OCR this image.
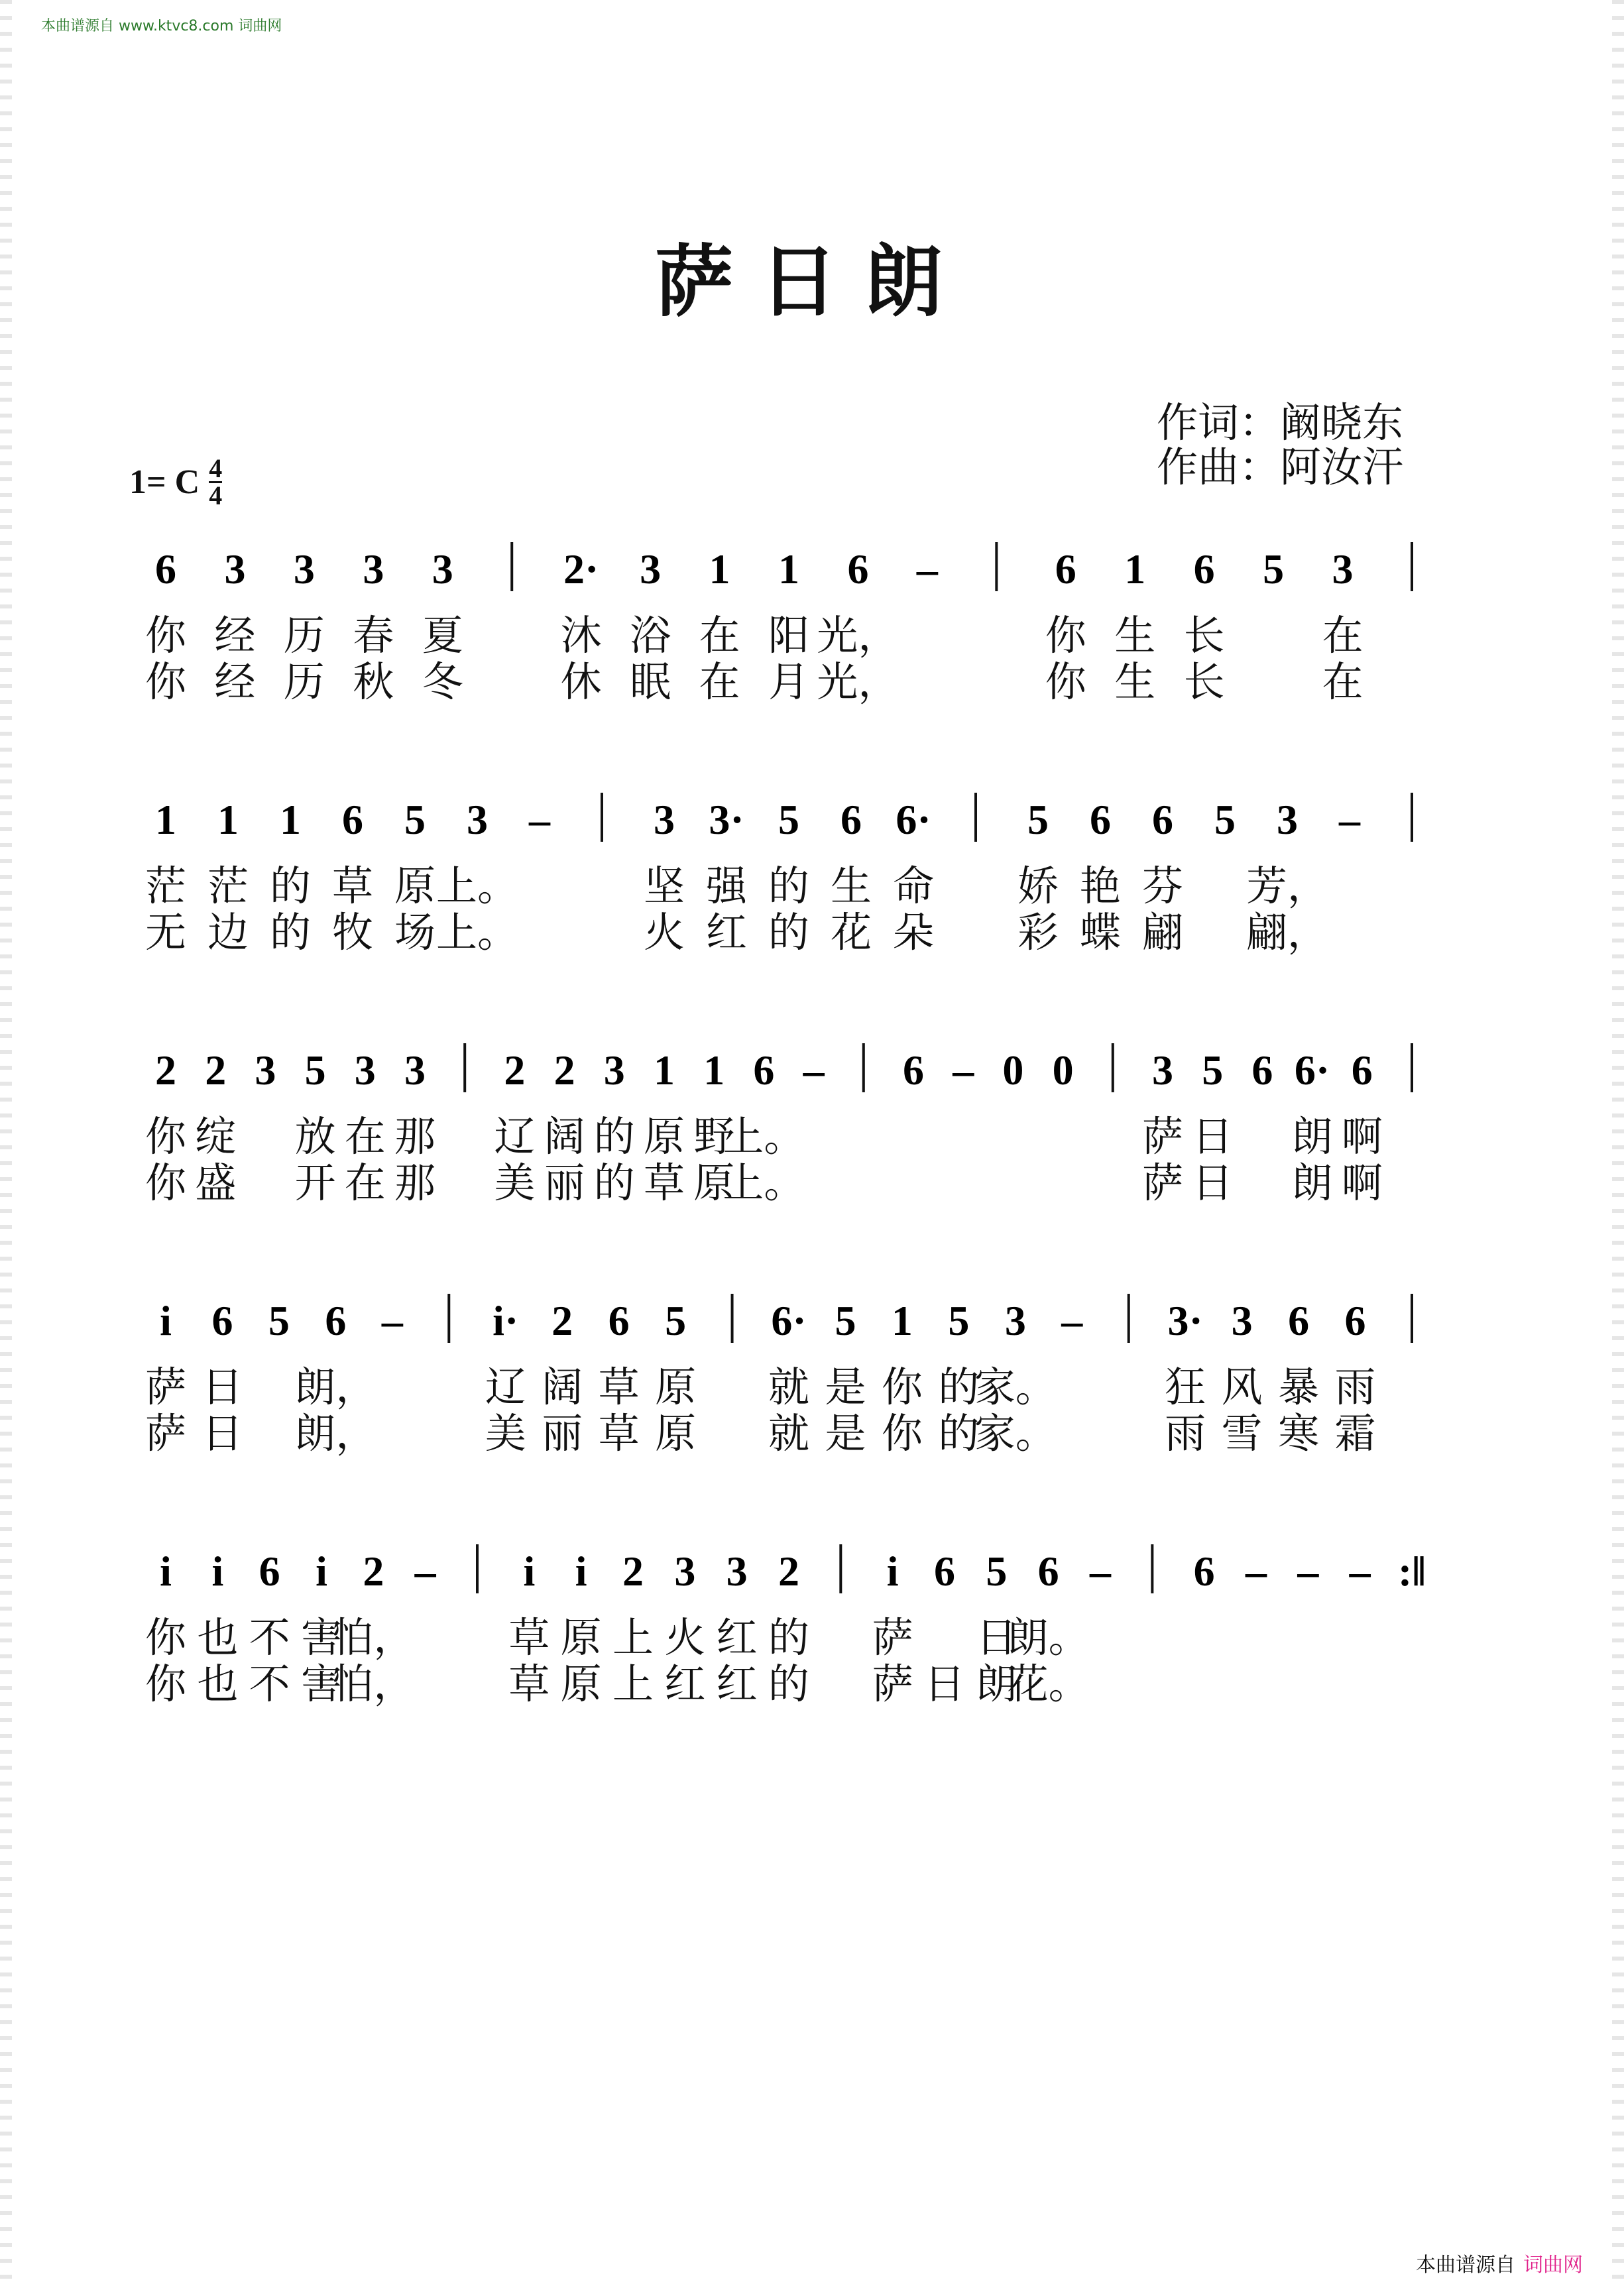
本曲谱源自 www.ktvc8.com 词曲网
萨日朗
作词：阚晓东
作曲：阿汝汗
1= C 4
4
6
你
你
3
经
经
3
历
历
3
春
秋
3
夏
冬
2·
沐
休
3
浴
眠
1
在
在
1
阳
月
6
光，
光，
–	6
你
你
1
生
生
6
长
长
5 3
在
在
1
茫
无
1
茫
边
1
的
的
6
草
牧
5
原
场
3
上。
上。
– 3
坚
火
3·
强
红
5
的
的
6
生
花
6·
命
朵
5
娇
彩
6
艳
蝶
6
芬
翩
5 3
芳，
翩，
–
2
你
你
2
绽
盛
3 5
放
开
3
在
在
3
那
那
2
辽
美
2
阔
丽
3
的
的
1
原
草
1
野
原
6
上。
上。
– 6 – 0 0 3
萨
萨
5
日
日
6 6·
朗
朗
6
啊
啊
i
萨
萨
6
日
日
5 6
朗，
朗，
– i·
辽
美
2
阔
丽
6
草
草
5
原
原
6·
就
就
5
是
是
1
你
你
5
的
的
3
家。
家。
– 3·
狂
雨
3
风
雪
6
暴
寒
6
雨
霜
i
你
你
i
也
也
6
不
不
i
害
害
2
怕，
怕，
– i
草
草
i
原
原
2
上
上
3
火
红
3
红
红
2
的
的
i
萨
萨
6
日
5
日
朗
6
朗。
花。
– 6 – – – :‖
本曲谱源自 词曲网
